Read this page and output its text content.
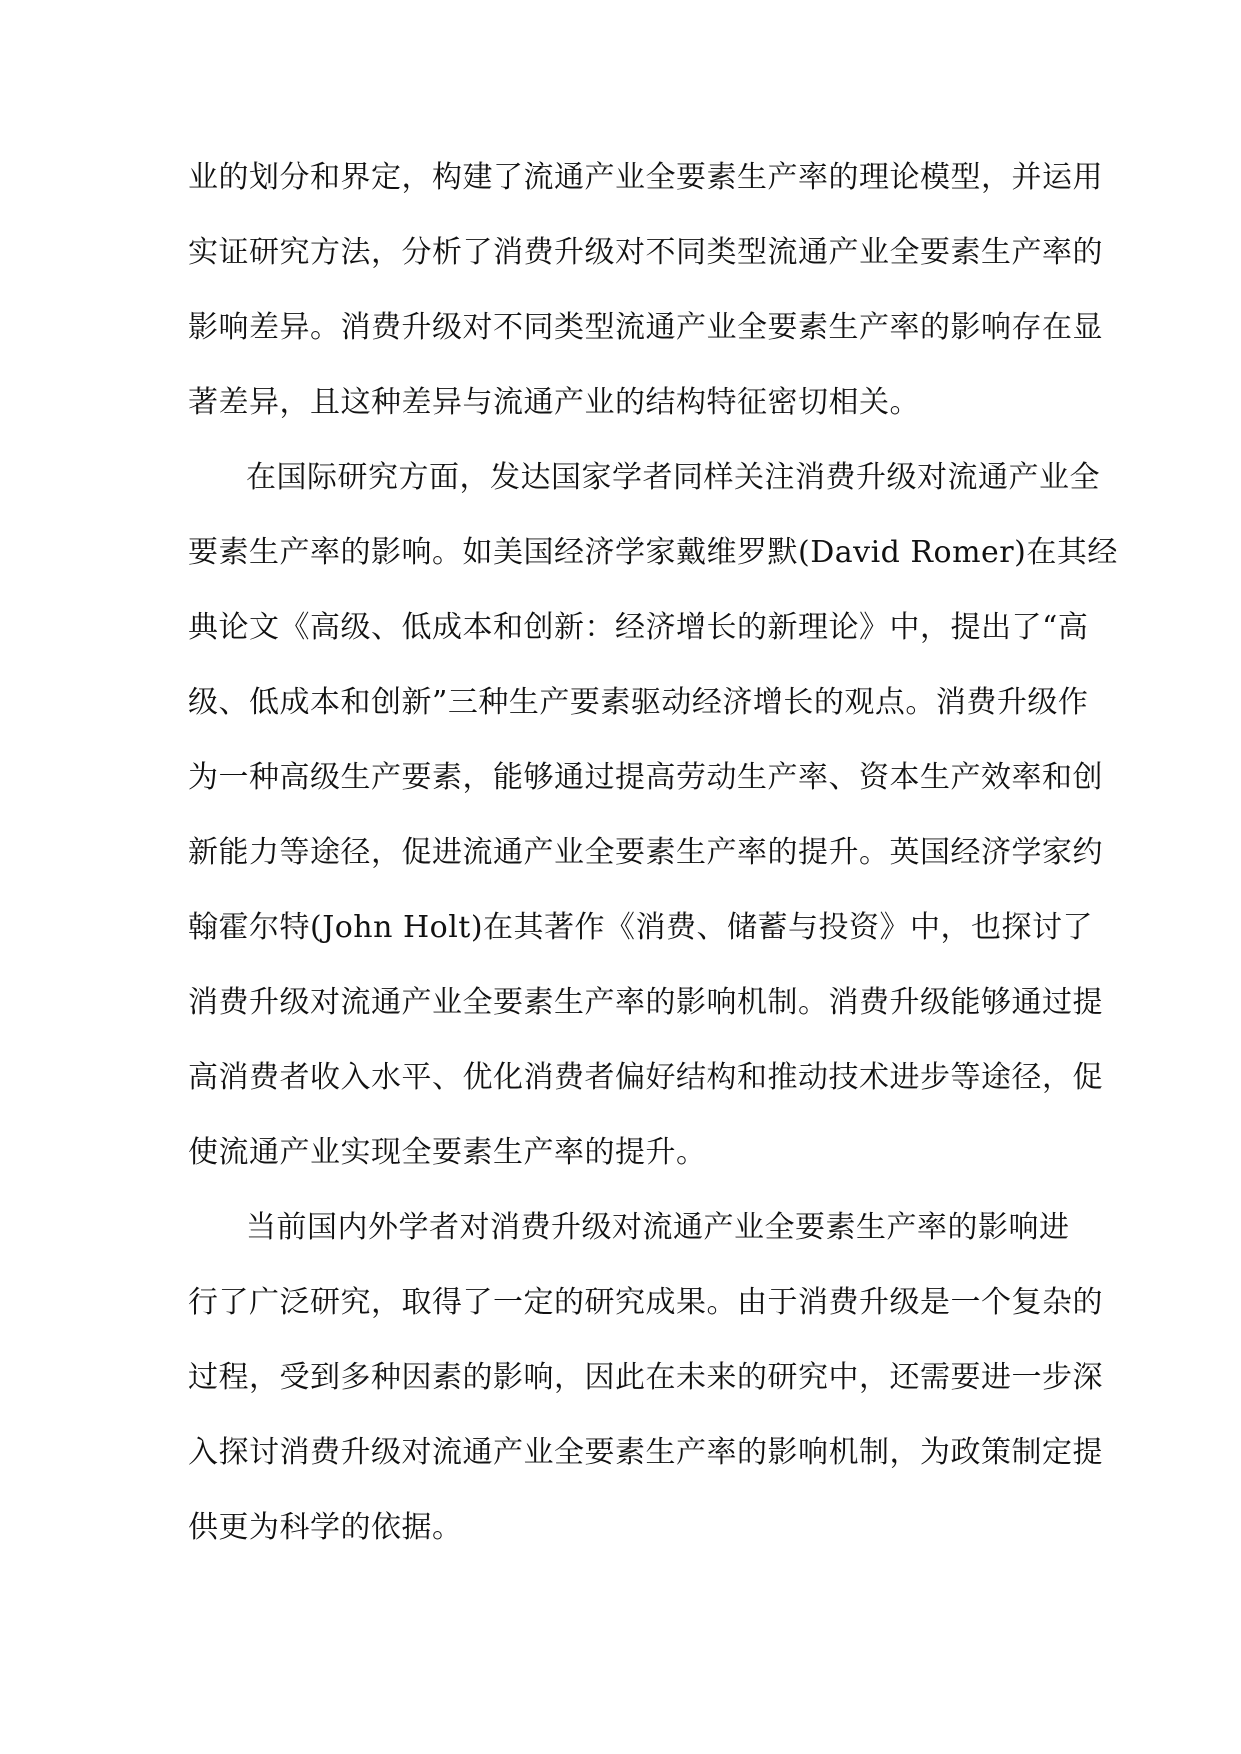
业的划分和界定，构建了流通产业全要素生产率的理论模型，并运用
实证研究方法，分析了消费升级对不同类型流通产业全要素生产率的
影响差异。消费升级对不同类型流通产业全要素生产率的影响存在显
著差异，且这种差异与流通产业的结构特征密切相关。
在国际研究方面，发达国家学者同样关注消费升级对流通产业全
要素生产率的影响。如美国经济学家戴维罗默(David Romer)在其经
典论文《高级、低成本和创新：经济增长的新理论》中，提出了“高
级、低成本和创新”三种生产要素驱动经济增长的观点。消费升级作
为一种高级生产要素，能够通过提高劳动生产率、资本生产效率和创
新能力等途径，促进流通产业全要素生产率的提升。英国经济学家约
翰霍尔特(John Holt)在其著作《消费、储蓄与投资》中，也探讨了
消费升级对流通产业全要素生产率的影响机制。消费升级能够通过提
高消费者收入水平、优化消费者偏好结构和推动技术进步等途径，促
使流通产业实现全要素生产率的提升。
当前国内外学者对消费升级对流通产业全要素生产率的影响进
行了广泛研究，取得了一定的研究成果。由于消费升级是一个复杂的
过程，受到多种因素的影响，因此在未来的研究中，还需要进一步深
入探讨消费升级对流通产业全要素生产率的影响机制，为政策制定提
供更为科学的依据。
